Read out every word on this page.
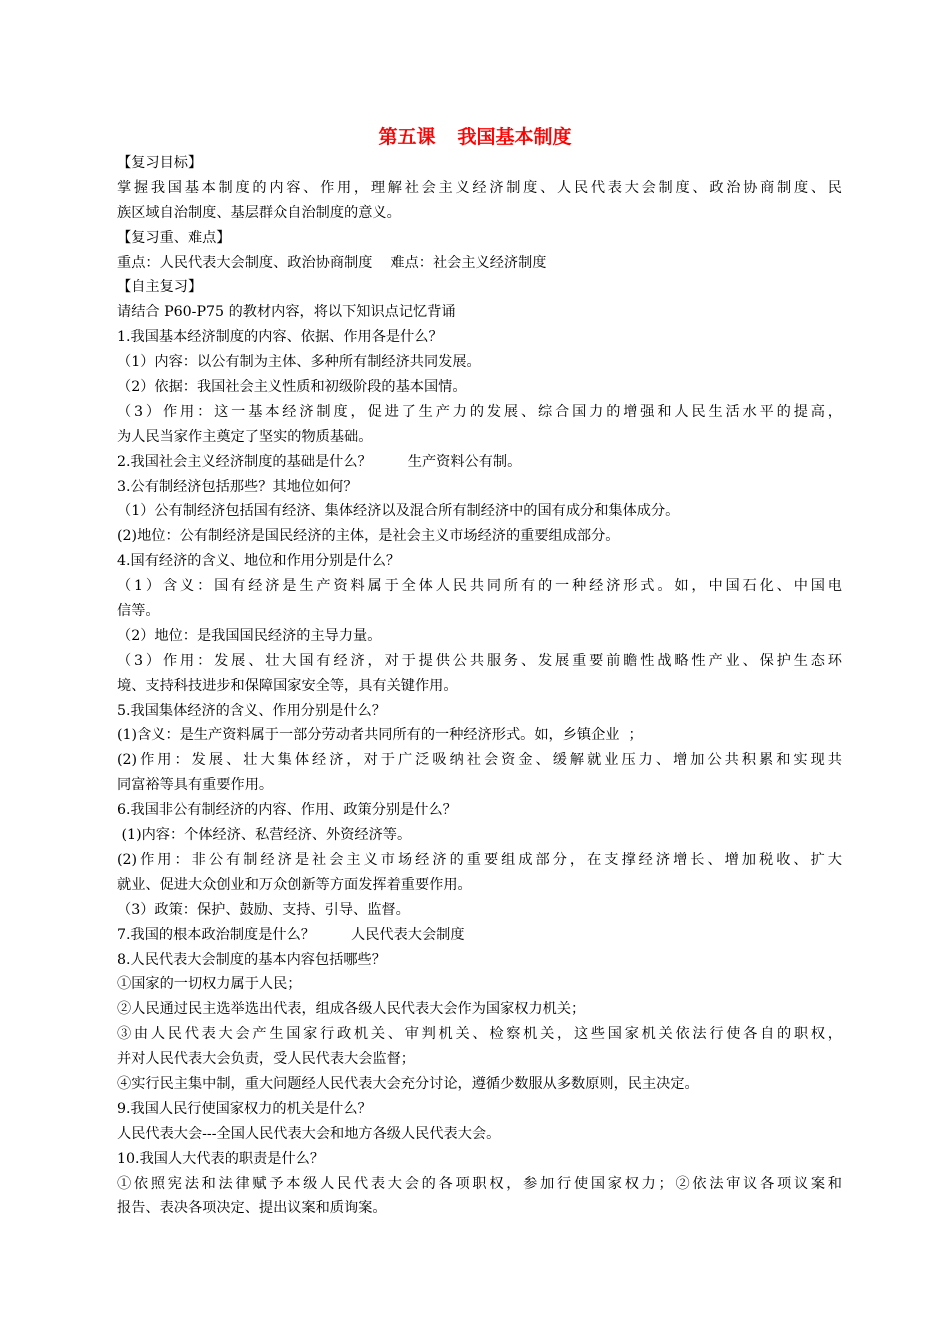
第五课 我国基本制度
【复习目标】
掌握我国基本制度的内容、作用，理解社会主义经济制度、人民代表大会制度、政治协商制度、民
族区域自治制度、基层群众自治制度的意义。
【复习重、难点】
重点：人民代表大会制度、政治协商制度    难点：社会主义经济制度
【自主复习】
请结合 P60-P75 的教材内容，将以下知识点记忆背诵
1.我国基本经济制度的内容、依据、作用各是什么？
（1）内容：以公有制为主体、多种所有制经济共同发展。
（2）依据：我国社会主义性质和初级阶段的基本国情。
（3）作用：这一基本经济制度，促进了生产力的发展、综合国力的增强和人民生活水平的提高，
为人民当家作主奠定了坚实的物质基础。
2.我国社会主义经济制度的基础是什么？        生产资料公有制。
3.公有制经济包括那些？其地位如何？
（1）公有制经济包括国有经济、集体经济以及混合所有制经济中的国有成分和集体成分。
(2)地位：公有制经济是国民经济的主体，是社会主义市场经济的重要组成部分。
4.国有经济的含义、地位和作用分别是什么？
（1）含义：国有经济是生产资料属于全体人民共同所有的一种经济形式。如，中国石化、中国电
信等。
（2）地位：是我国国民经济的主导力量。
（3）作用：发展、壮大国有经济，对于提供公共服务、发展重要前瞻性战略性产业、保护生态环
境、支持科技进步和保障国家安全等，具有关键作用。
5.我国集体经济的含义、作用分别是什么？
(1)含义：是生产资料属于一部分劳动者共同所有的一种经济形式。如，乡镇企业  ；
(2)作用：发展、壮大集体经济，对于广泛吸纳社会资金、缓解就业压力、增加公共积累和实现共
同富裕等具有重要作用。
6.我国非公有制经济的内容、作用、政策分别是什么？
(1)内容：个体经济、私营经济、外资经济等。
(2)作用：非公有制经济是社会主义市场经济的重要组成部分，在支撑经济增长、增加税收、扩大
就业、促进大众创业和万众创新等方面发挥着重要作用。
（3）政策：保护、鼓励、支持、引导、监督。
7.我国的根本政治制度是什么？        人民代表大会制度
8.人民代表大会制度的基本内容包括哪些？
①国家的一切权力属于人民；
②人民通过民主选举选出代表，组成各级人民代表大会作为国家权力机关；
③由人民代表大会产生国家行政机关、审判机关、检察机关，这些国家机关依法行使各自的职权，
并对人民代表大会负责，受人民代表大会监督；
④实行民主集中制，重大问题经人民代表大会充分讨论，遵循少数服从多数原则，民主决定。
9.我国人民行使国家权力的机关是什么？
人民代表大会---全国人民代表大会和地方各级人民代表大会。
10.我国人大代表的职责是什么？
①依照宪法和法律赋予本级人民代表大会的各项职权，参加行使国家权力；②依法审议各项议案和
报告、表决各项决定、提出议案和质询案。
